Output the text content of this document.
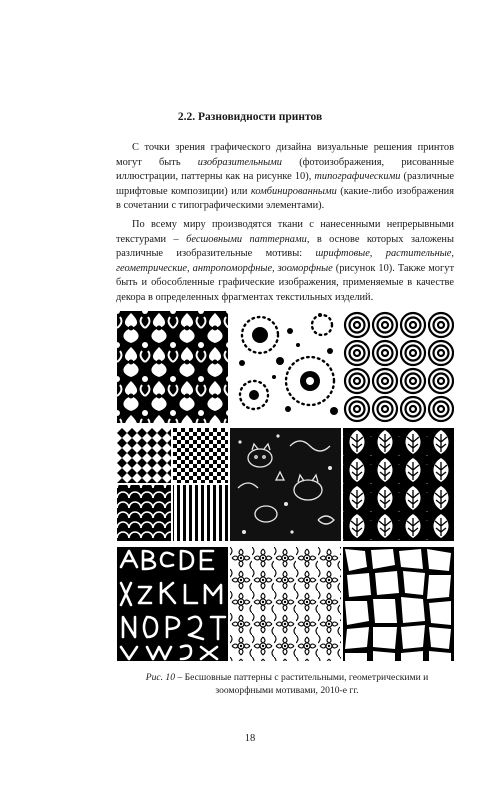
2.2. Разновидности принтов
С точки зрения графического дизайна визуальные решения принтов могут быть изобразительными (фотоизображения, рисованные иллюстрации, паттерны как на рисунке 10), типографическими (различные шрифтовые композиции) или комбинированными (какие-либо изображения в сочетании с типографическими элементами).
По всему миру производятся ткани с нанесенными непрерывными текстурами – бесшовными паттернами, в основе которых заложены различные изобразительные мотивы: шрифтовые, растительные, геометрические, антропоморфные, зооморфные (рисунок 10). Также могут быть и обособленные графические изображения, применяемые в качестве декора в определенных фрагментах текстильных изделий.
Рис. 10 – Бесшовные паттерны с растительными, геометрическими и зооморфными мотивами, 2010-е гг.
18
